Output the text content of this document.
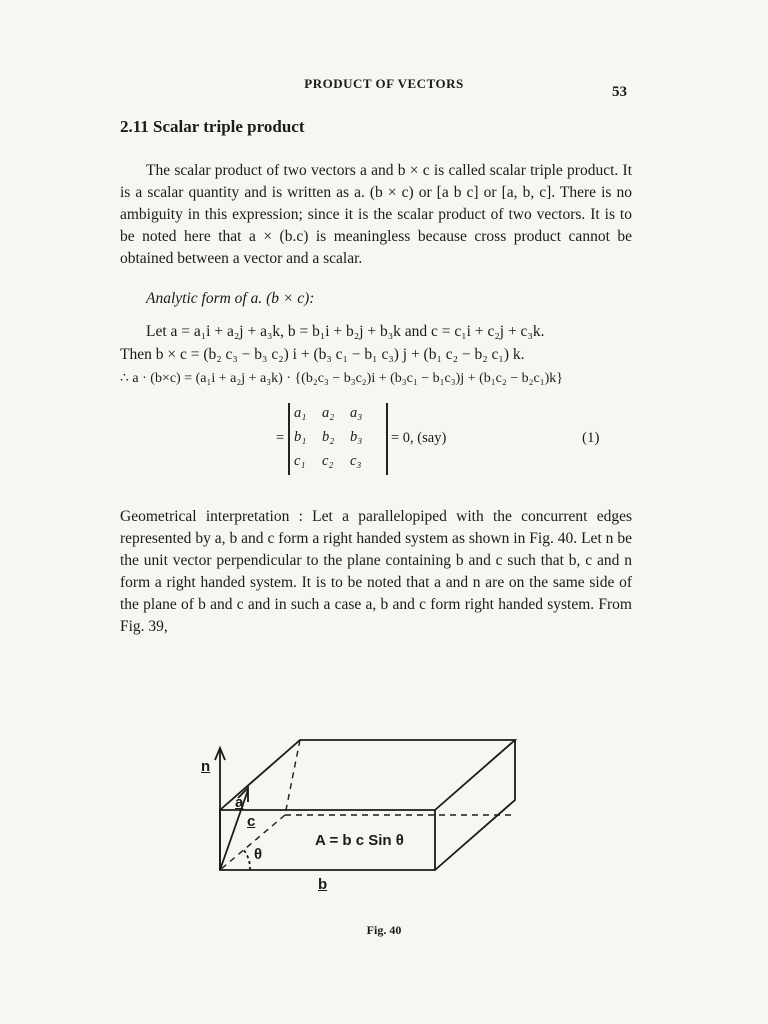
PRODUCT OF VECTORS
53
2.11 Scalar triple product
The scalar product of two vectors a and b × c is called scalar triple product. It is a scalar quantity and is written as a. (b × c) or [a b c] or [a, b, c]. There is no ambiguity in this expression; since it is the scalar product of two vectors. It is to be noted here that a × (b.c) is meaningless because cross product cannot be obtained between a vector and a scalar.
Analytic form of a. (b × c):
Let a = a₁i + a₂j + a₃k, b = b₁i + b₂j + b₃k and c = c₁i + c₂j + c₃k.
Then b × c = (b₂ c₃ − b₃ c₂) i + (b₃ c₁ − b₁ c₃) j + (b₁ c₂ − b₂ c₁) k.
∴ a · (b×c) = (a₁i + a₂j + a₃k) · {(b₂c₃ − b₃c₂)i + (b₃c₁ − b₁c₃)j + (b₁c₂ − b₂c₁)k}
=
a₁ a₂ a₃
b₁ b₂ b₃
c₁ c₂ c₃
= 0, (say)	(1)
Geometrical interpretation : Let a parallelopiped with the concurrent edges represented by a, b and c form a right handed system as shown in Fig. 40. Let n be the unit vector perpendicular to the plane containing b and c such that b, c and n form a right handed system. It is to be noted that a and n are on the same side of the plane of b and c and in such a case a, b and c form right handed system. From Fig. 39,
n
a
c
θ
A = b c Sin θ
b
Fig. 40
